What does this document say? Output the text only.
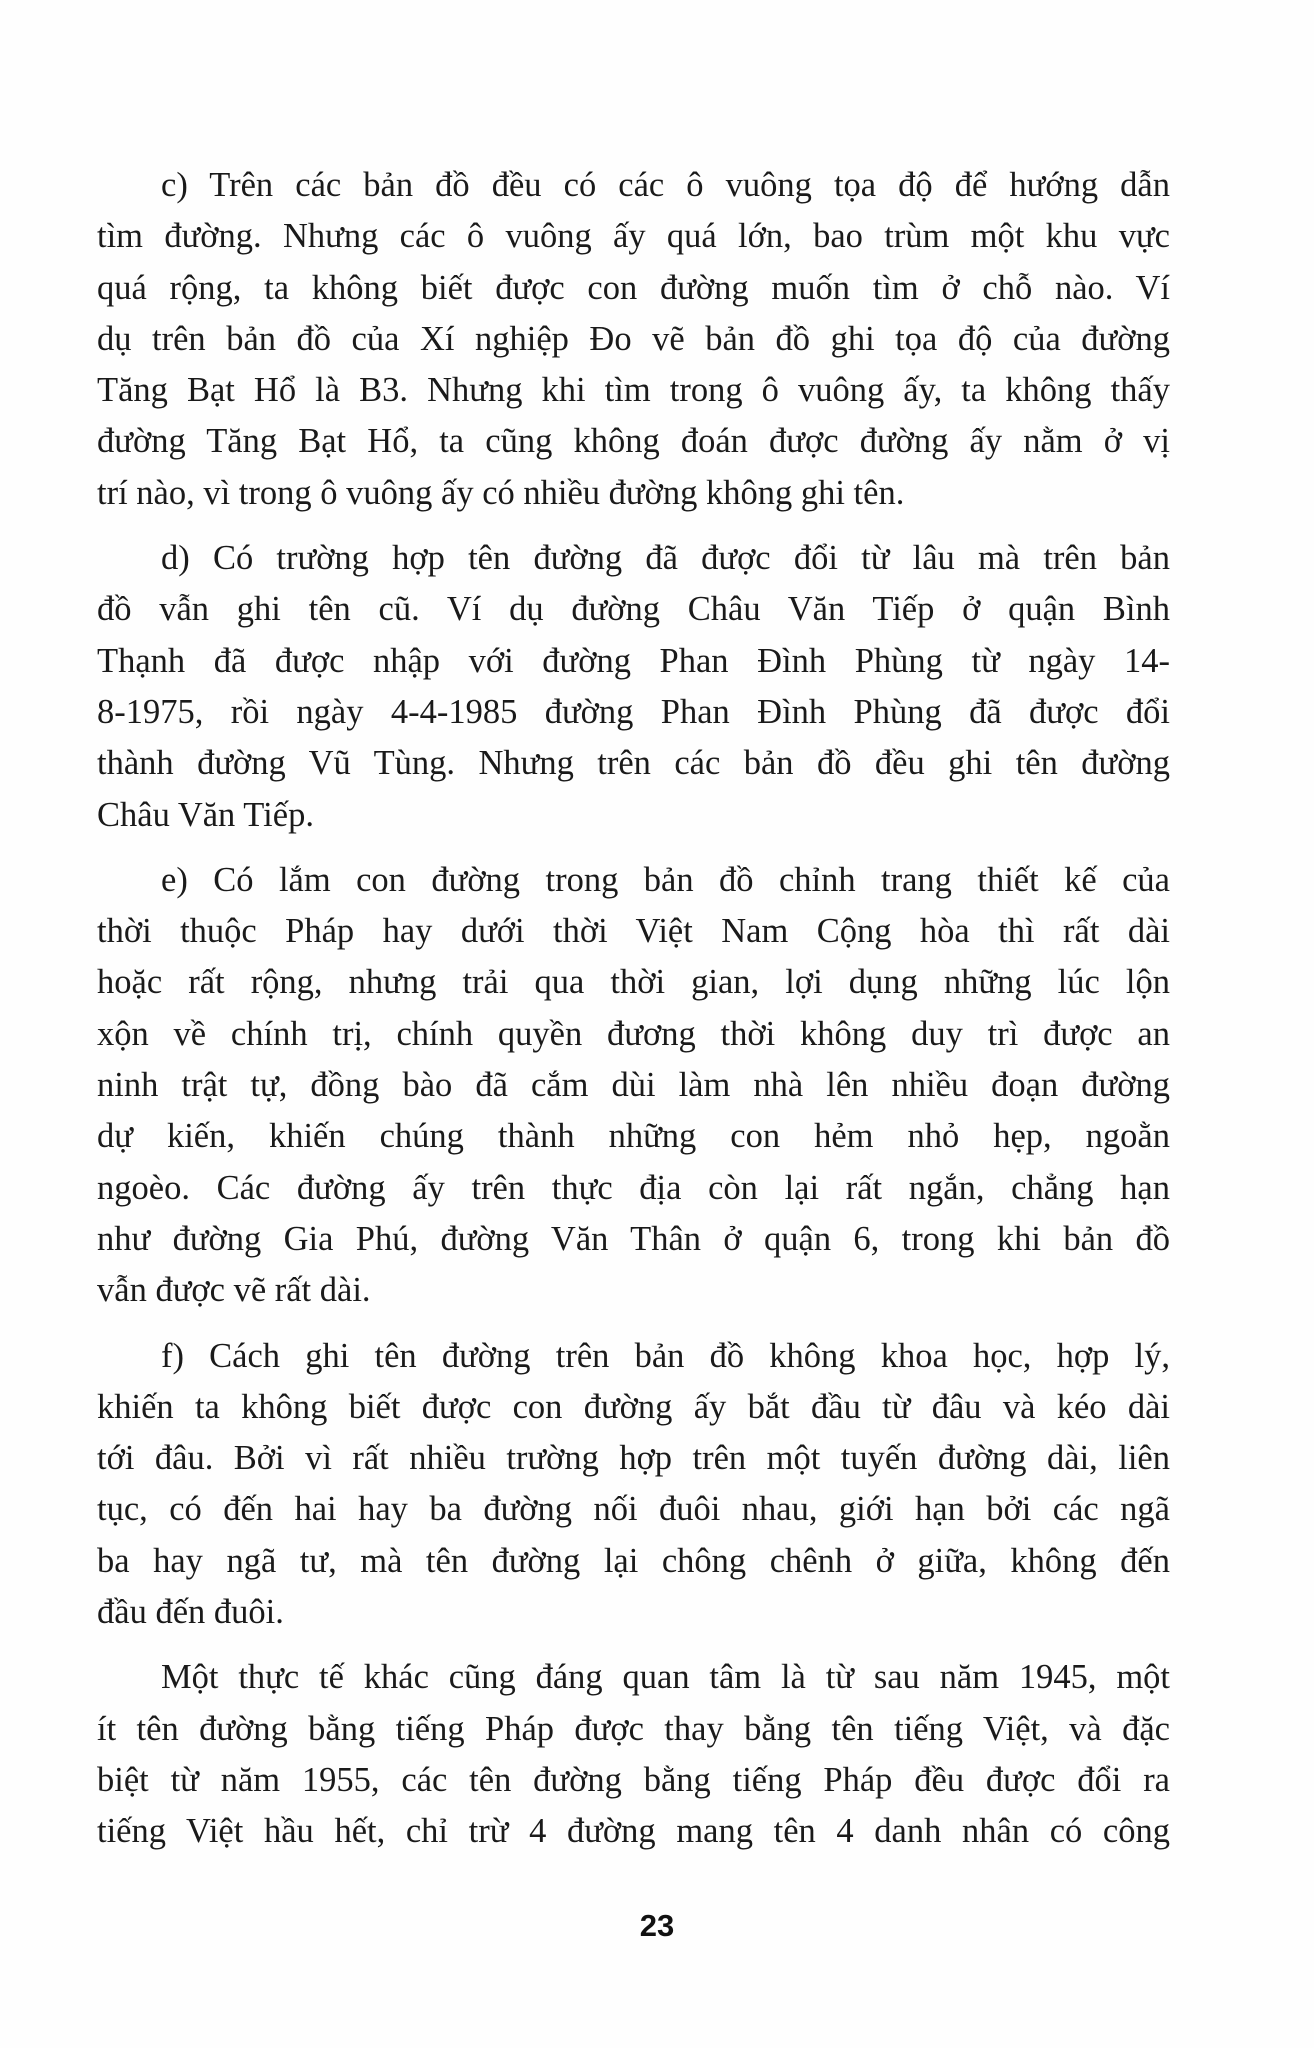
c) Trên các bản đồ đều có các ô vuông tọa độ để hướng dẫn
tìm đường. Nhưng các ô vuông ấy quá lớn, bao trùm một khu vực
quá rộng, ta không biết được con đường muốn tìm ở chỗ nào. Ví
dụ trên bản đồ của Xí nghiệp Đo vẽ bản đồ ghi tọa độ của đường
Tăng Bạt Hổ là B3. Nhưng khi tìm trong ô vuông ấy, ta không thấy
đường Tăng Bạt Hổ, ta cũng không đoán được đường ấy nằm ở vị
trí nào, vì trong ô vuông ấy có nhiều đường không ghi tên.
d) Có trường hợp tên đường đã được đổi từ lâu mà trên bản
đồ vẫn ghi tên cũ. Ví dụ đường Châu Văn Tiếp ở quận Bình
Thạnh đã được nhập với đường Phan Đình Phùng từ ngày 14-
8-1975, rồi ngày 4-4-1985 đường Phan Đình Phùng đã được đổi
thành đường Vũ Tùng. Nhưng trên các bản đồ đều ghi tên đường
Châu Văn Tiếp.
e) Có lắm con đường trong bản đồ chỉnh trang thiết kế của
thời thuộc Pháp hay dưới thời Việt Nam Cộng hòa thì rất dài
hoặc rất rộng, nhưng trải qua thời gian, lợi dụng những lúc lộn
xộn về chính trị, chính quyền đương thời không duy trì được an
ninh trật tự, đồng bào đã cắm dùi làm nhà lên nhiều đoạn đường
dự kiến, khiến chúng thành những con hẻm nhỏ hẹp, ngoằn
ngoèo. Các đường ấy trên thực địa còn lại rất ngắn, chẳng hạn
như đường Gia Phú, đường Văn Thân ở quận 6, trong khi bản đồ
vẫn được vẽ rất dài.
f) Cách ghi tên đường trên bản đồ không khoa học, hợp lý,
khiến ta không biết được con đường ấy bắt đầu từ đâu và kéo dài
tới đâu. Bởi vì rất nhiều trường hợp trên một tuyến đường dài, liên
tục, có đến hai hay ba đường nối đuôi nhau, giới hạn bởi các ngã
ba hay ngã tư, mà tên đường lại chông chênh ở giữa, không đến
đầu đến đuôi.
Một thực tế khác cũng đáng quan tâm là từ sau năm 1945, một
ít tên đường bằng tiếng Pháp được thay bằng tên tiếng Việt, và đặc
biệt từ năm 1955, các tên đường bằng tiếng Pháp đều được đổi ra
tiếng Việt hầu hết, chỉ trừ 4 đường mang tên 4 danh nhân có công
23
